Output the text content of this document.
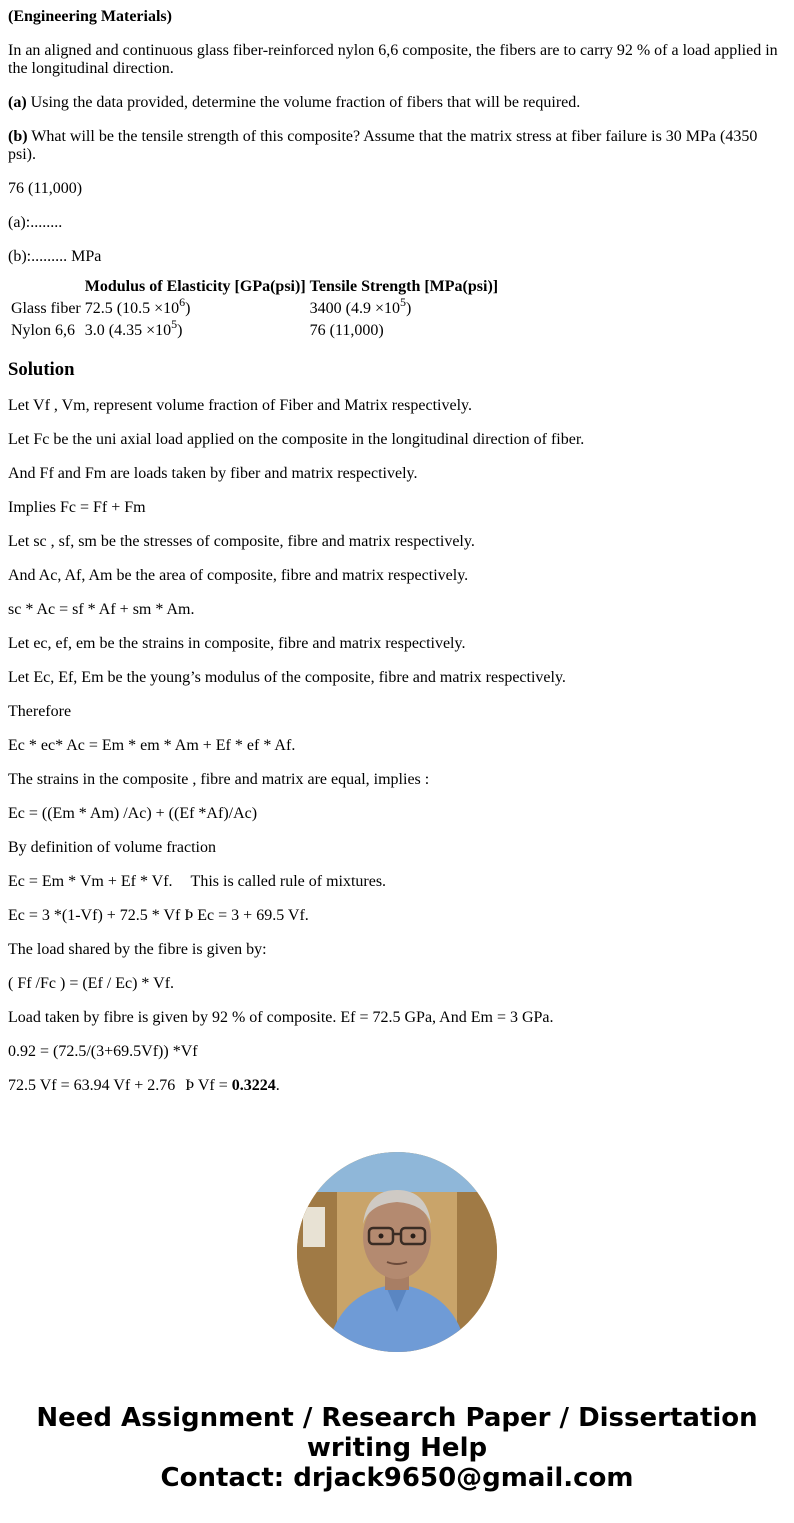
(Engineering Materials)

In an aligned and continuous glass fiber-reinforced nylon 6,6 composite, the fibers are to carry 92 % of a load applied in the longitudinal direction.

(a) Using the data provided, determine the volume fraction of fibers that will be required.

(b) What will be the tensile strength of this composite? Assume that the matrix stress at fiber failure is 30 MPa (4350 psi).

76 (11,000)

(a):........

(b):......... MPa

	Modulus of Elasticity [GPa(psi)]	Tensile Strength [MPa(psi)]
Glass fiber	72.5 $(10.5 \times 10^6)$	3400 $(4.9 \times 10^5)$
Nylon 6,6	3.0 $(4.35 \times 10^5)$	76 (11,000)
Solution

Let Vf , Vm, represent volume fraction of Fiber and Matrix respectively.

Let Fc be the uni axial load applied on the composite in the longitudinal direction of fiber.

And Ff and Fm are loads taken by fiber and matrix respectively.

Implies Fc = Ff + Fm

Let sc , sf, sm be the stresses of composite, fibre and matrix respectively.

And Ac, Af, Am be the area of composite, fibre and matrix respectively.

sc * Ac = sf * Af + sm * Am.

Let ec, ef, em be the strains in composite, fibre and matrix respectively.

Let Ec, Ef, Em be the young’s modulus of the composite, fibre and matrix respectively.

Therefore

Ec * ec* Ac = Em * em * Am + Ef * ef * Af.

The strains in the composite , fibre and matrix are equal, implies :

Ec = ((Em * Am) /Ac) + ((Ef *Af)/Ac)

By definition of volume fraction

Ec = Em * Vm + Ef * Vf. This is called rule of mixtures.

Ec = 3 *(1-Vf) + 72.5 * Vf Þ Ec = 3 + 69.5 Vf.

The load shared by the fibre is given by:

( Ff /Fc ) = (Ef / Ec) * Vf.

Load taken by fibre is given by 92 % of composite. Ef = 72.5 GPa, And Em = 3 GPa.

0.92 = (72.5/(3+69.5Vf)) *Vf

72.5 Vf = 63.94 Vf + 2.76 Þ Vf = 0.3224.

Need Assignment / Research Paper / Dissertation
writing Help
Contact: drjack9650@gmail.com
